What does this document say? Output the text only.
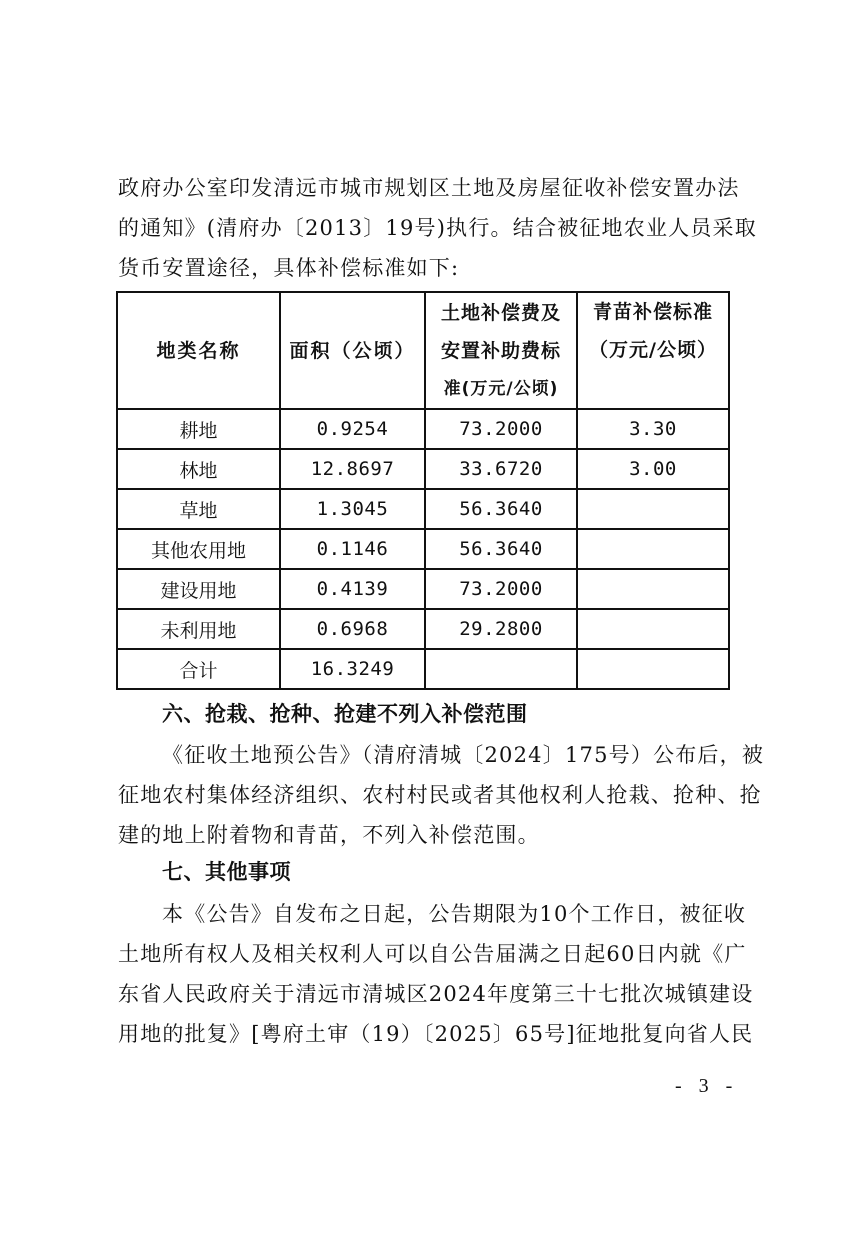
政府办公室印发清远市城市规划区土地及房屋征收补偿安置办法
的通知》(清府办〔2013〕19号)执行。结合被征地农业人员采取
货币安置途径，具体补偿标准如下:
地类名称	面积（公顷）	土地补偿费及
安置补助费标
准(万元/公顷)	青苗补偿标准
（万元/公顷）

耕地	0.9254	73.2000	3.30
林地	12.8697	33.6720	3.00
草地	1.3045	56.3640	
其他农用地	0.1146	56.3640	
建设用地	0.4139	73.2000	
未利用地	0.6968	29.2800	
合计	16.3249		
六、抢栽、抢种、抢建不列入补偿范围
《征收土地预公告》（清府清城〔2024〕175号）公布后，被
征地农村集体经济组织、农村村民或者其他权利人抢栽、抢种、抢
建的地上附着物和青苗，不列入补偿范围。
七、其他事项
本《公告》自发布之日起，公告期限为10个工作日，被征收
土地所有权人及相关权利人可以自公告届满之日起60日内就《广
东省人民政府关于清远市清城区2024年度第三十七批次城镇建设
用地的批复》[粤府土审（19）〔2025〕65号]征地批复向省人民
- 3 -
